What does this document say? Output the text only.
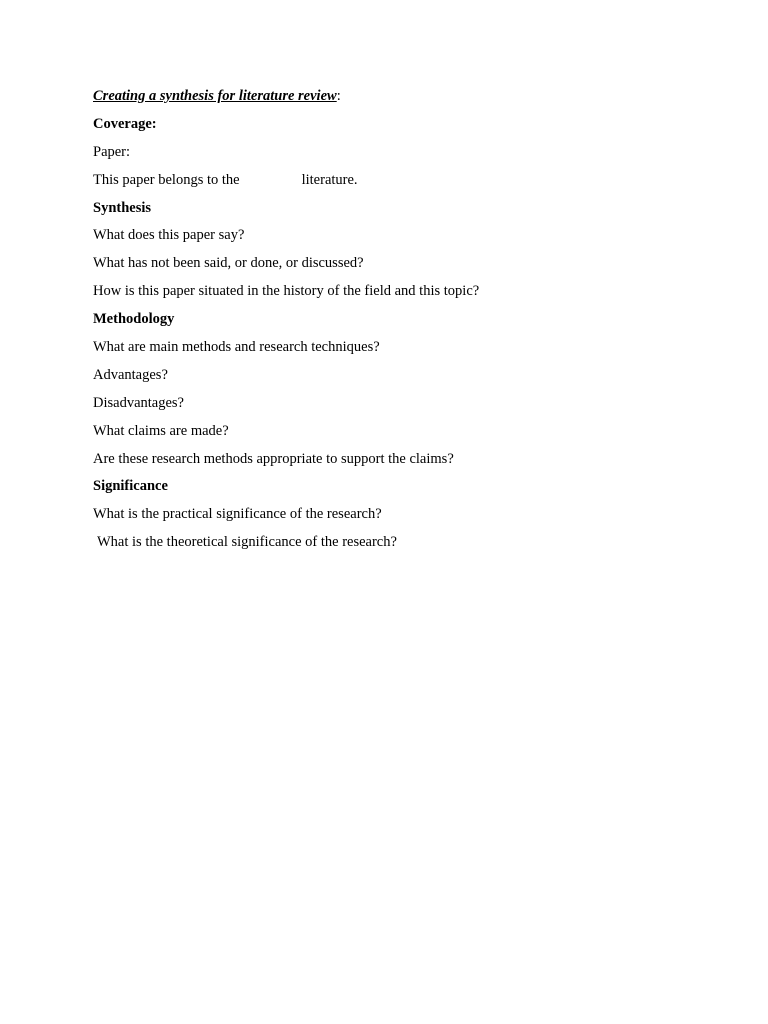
Creating a synthesis for literature review:
Coverage:
Paper:
This paper belongs to the	literature.
Synthesis
What does this paper say?
What has not been said, or done, or discussed?
How is this paper situated in the history of the field and this topic?
Methodology
What are main methods and research techniques?
Advantages?
Disadvantages?
What claims are made?
Are these research methods appropriate to support the claims?
Significance
What is the practical significance of the research?
What is the theoretical significance of the research?
